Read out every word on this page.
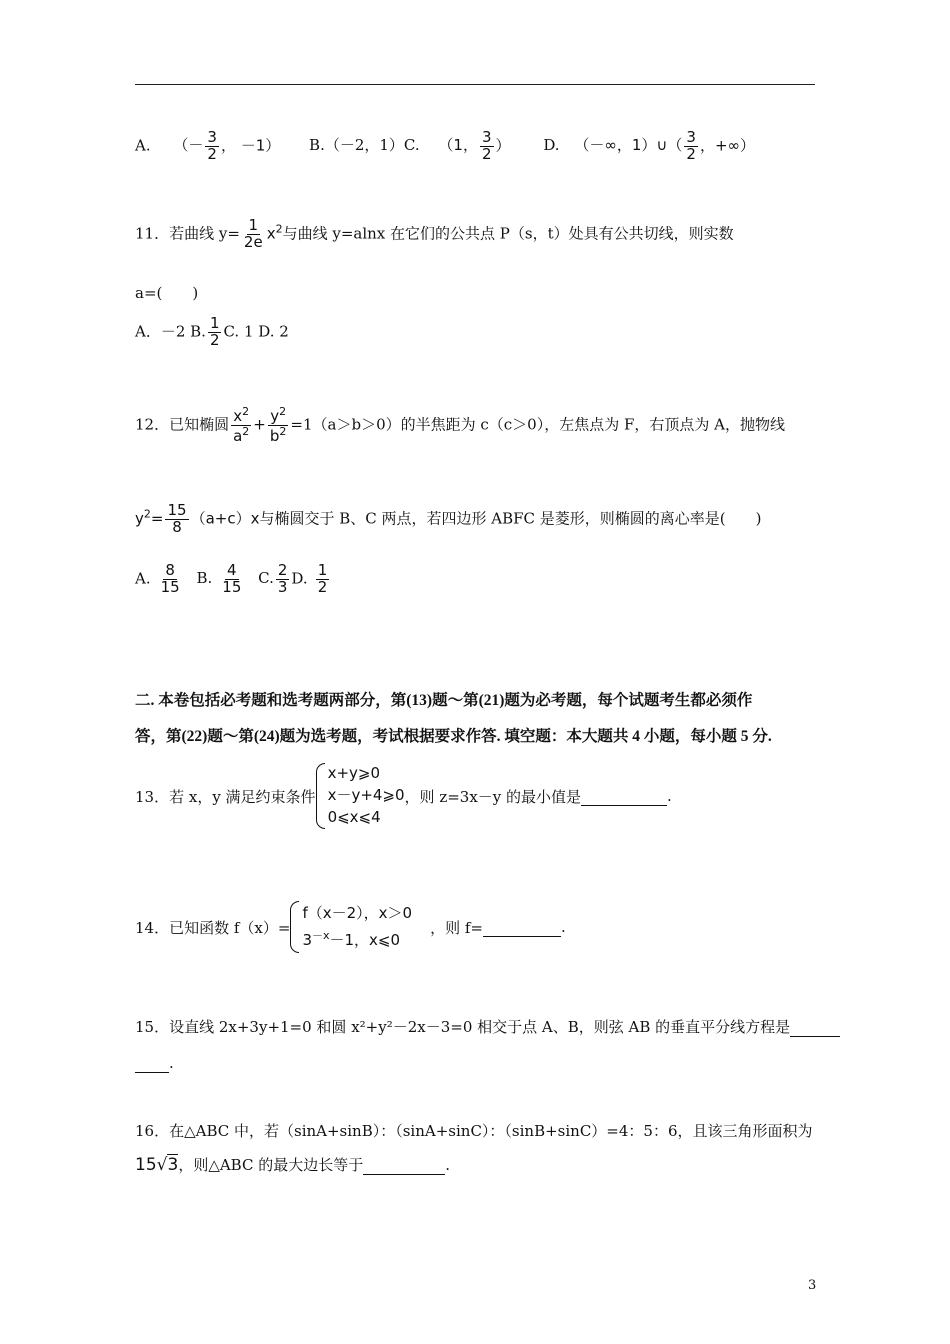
A. （－ $\frac{3}{2}$ ， －1） B.（－2，1）C. （1， $\frac{3}{2}$ ） D. （－∞，1）∪（ $\frac{3}{2}$ ，+∞）
11．若曲线 $y= \frac{1}{2e} x^2$与曲线 y=alnx 在它们的公共点 P（s，t）处具有公共切线，则实数
a=(　　)
A．－2 B. $\frac{1}{2} C$. 1 D. 2
12．已知椭圆 $\frac{x^2}{a^2} + \frac{y^2}{b^2} =1(a>b>0)$的半焦距为 c（c＞0），左焦点为 F，右顶点为 A，抛物线
$y^2= \frac{15}{8} (a+c)x$与椭圆交于 B、C 两点，若四边形 ABFC 是菱形，则椭圆的离心率是(　　)
A. $\frac{8}{15} B$. $\frac{4}{15} C$. $\frac{2}{3} D$. $\frac{1}{2}$
二. 本卷包括必考题和选考题两部分，第(13)题～第(21)题为必考题，每个试题考生都必须作
答，第(22)题～第(24)题为选考题，考试根据要求作答. 填空题：本大题共 4 小题，每小题 5 分.
13．若 x，y 满足约束条件
x+y⩾0
x－y+4⩾0
0⩽x⩽4
，则 z=3x－y 的最小值是
	.
14．已知函数 f（x）=
f（x－2），x＞0
$3^{-x}-1$，x⩽0
，则 f=
	.
15．设直线 2x+3y+1=0 和圆 x²+y²－2x－3=0 相交于点 A、B，则弦 AB 的垂直平分线方程是
.
16．在△ABC 中，若（sinA+sinB）：（sinA+sinC）：（sinB+sinC）=4：5：6，且该三角形面积为
15√3，则△ABC 的最大边长等于	.
3
